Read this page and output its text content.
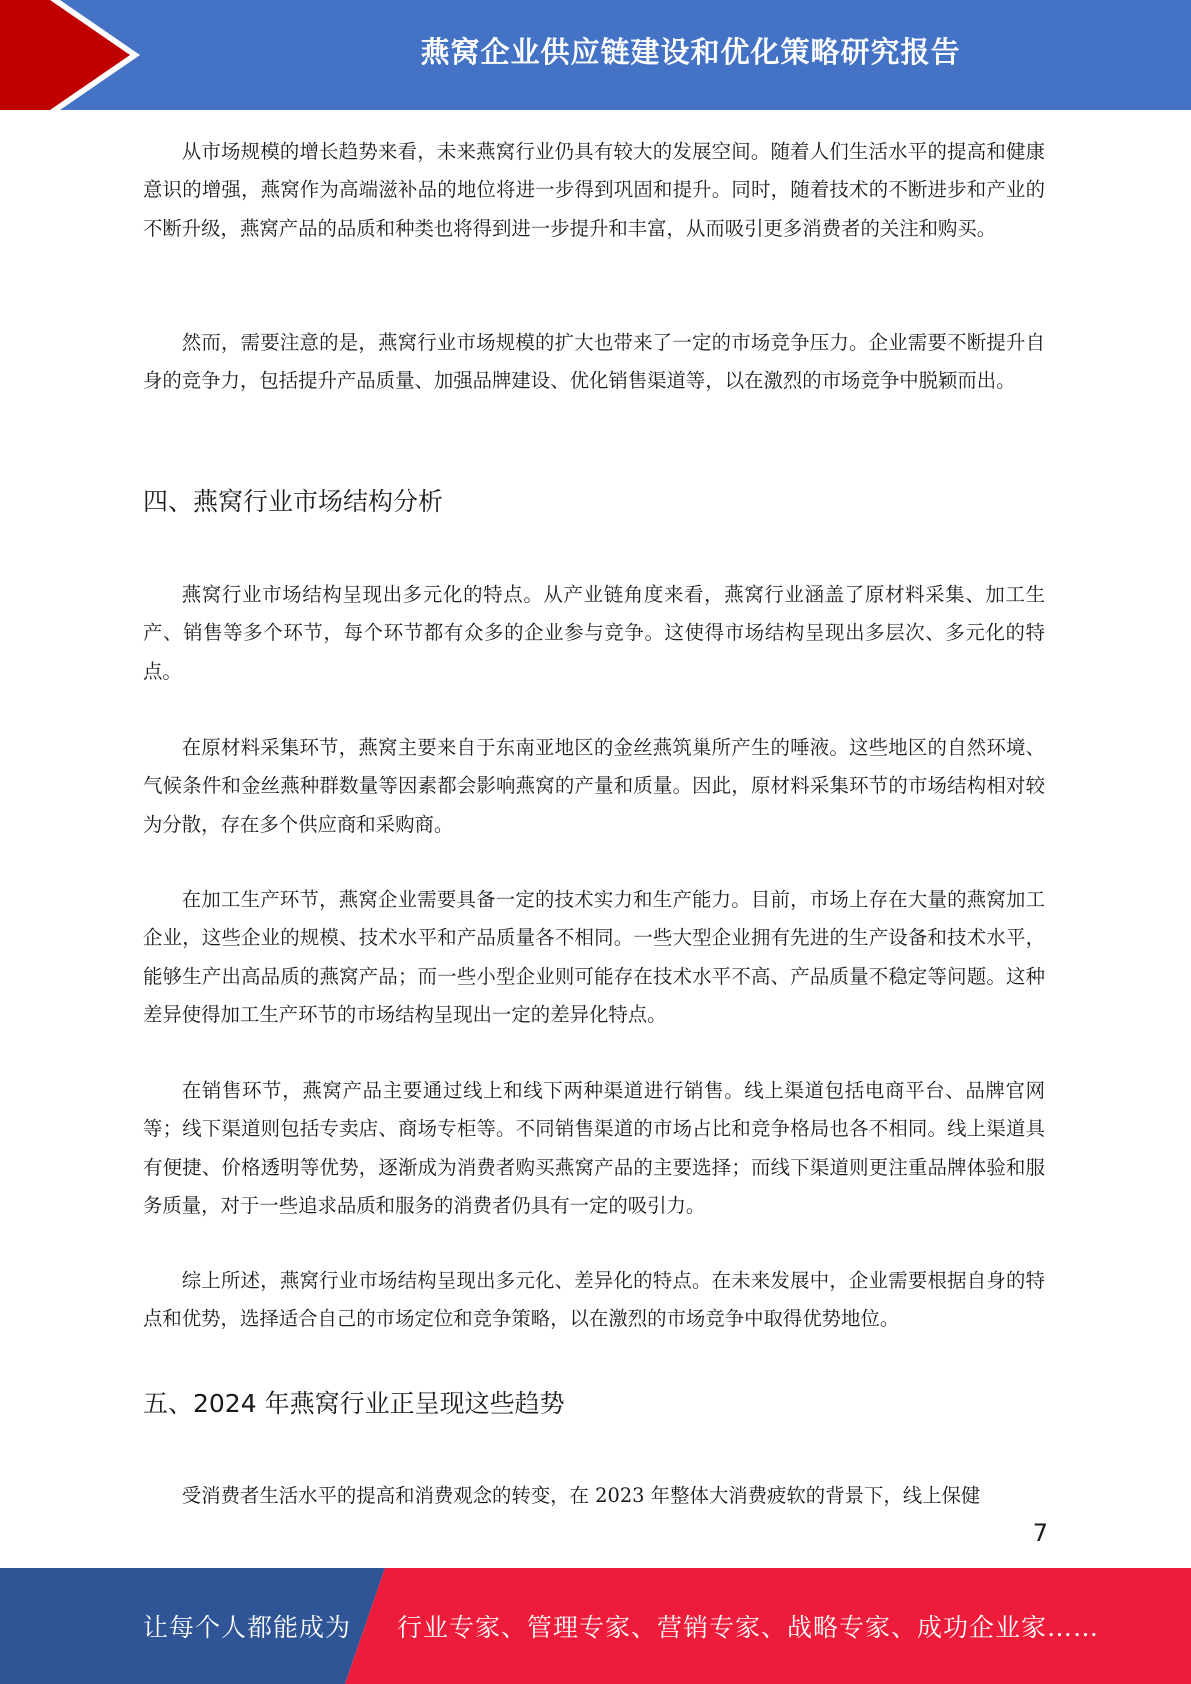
燕窝企业供应链建设和优化策略研究报告

从市场规模的增长趋势来看，未来燕窝行业仍具有较大的发展空间。随着人们生活水平的提高和健康意识的增强，燕窝作为高端滋补品的地位将进一步得到巩固和提升。同时，随着技术的不断进步和产业的不断升级，燕窝产品的品质和种类也将得到进一步提升和丰富，从而吸引更多消费者的关注和购买。

然而，需要注意的是，燕窝行业市场规模的扩大也带来了一定的市场竞争压力。企业需要不断提升自身的竞争力，包括提升产品质量、加强品牌建设、优化销售渠道等，以在激烈的市场竞争中脱颖而出。

四、燕窝行业市场结构分析

燕窝行业市场结构呈现出多元化的特点。从产业链角度来看，燕窝行业涵盖了原材料采集、加工生产、销售等多个环节，每个环节都有众多的企业参与竞争。这使得市场结构呈现出多层次、多元化的特点。

在原材料采集环节，燕窝主要来自于东南亚地区的金丝燕筑巢所产生的唾液。这些地区的自然环境、气候条件和金丝燕种群数量等因素都会影响燕窝的产量和质量。因此，原材料采集环节的市场结构相对较为分散，存在多个供应商和采购商。

在加工生产环节，燕窝企业需要具备一定的技术实力和生产能力。目前，市场上存在大量的燕窝加工企业，这些企业的规模、技术水平和产品质量各不相同。一些大型企业拥有先进的生产设备和技术水平，能够生产出高品质的燕窝产品；而一些小型企业则可能存在技术水平不高、产品质量不稳定等问题。这种差异使得加工生产环节的市场结构呈现出一定的差异化特点。

在销售环节，燕窝产品主要通过线上和线下两种渠道进行销售。线上渠道包括电商平台、品牌官网等；线下渠道则包括专卖店、商场专柜等。不同销售渠道的市场占比和竞争格局也各不相同。线上渠道具有便捷、价格透明等优势，逐渐成为消费者购买燕窝产品的主要选择；而线下渠道则更注重品牌体验和服务质量，对于一些追求品质和服务的消费者仍具有一定的吸引力。

综上所述，燕窝行业市场结构呈现出多元化、差异化的特点。在未来发展中，企业需要根据自身的特点和优势，选择适合自己的市场定位和竞争策略，以在激烈的市场竞争中取得优势地位。

五、2024 年燕窝行业正呈现这些趋势

受消费者生活水平的提高和消费观念的转变，在 2023 年整体大消费疲软的背景下，线上保健

7
让每个人都能成为 行业专家、管理专家、营销专家、战略专家、成功企业家……
